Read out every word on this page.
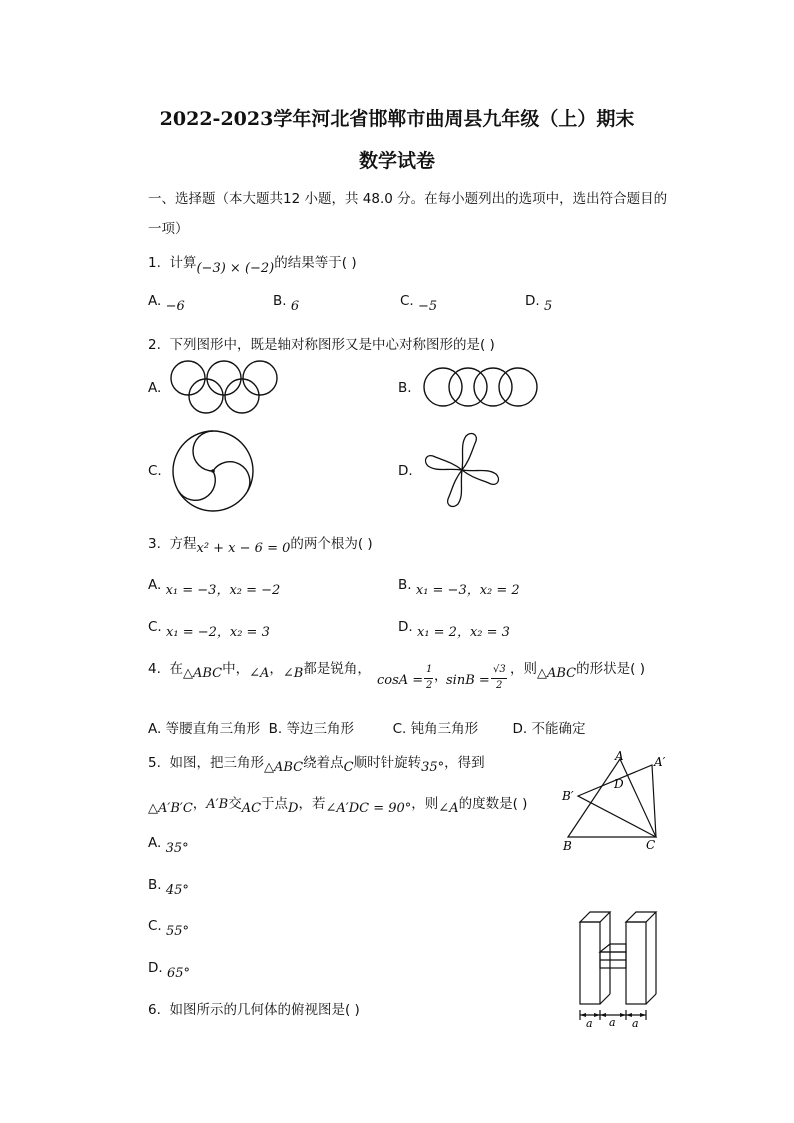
2022-2023学年河北省邯郸市曲周县九年级（上）期末
数学试卷
一、选择题（本大题共12 小题，共 48.0 分。在每小题列出的选项中，选出符合题目的
一项）
1. 计算(−3) × (−2)的结果等于( )
A. −6	B. 6	C. −5	D. 5
2. 下列图形中，既是轴对称图形又是中心对称图形的是( )
A.	B.
C.	D.
3. 方程x² + x − 6 = 0的两个根为( )
A. x₁ = −3，x₂ = −2	B. x₁ = −3，x₂ = 2
C. x₁ = −2，x₂ = 3	D. x₁ = 2，x₂ = 3
4. 在△ABC中，∠A，∠B都是锐角，
cosA =
1
2
，
sinB =
√3
2
，则△ABC的形状是( )
A. 等腰直角三角形  B. 等边三角形         C. 钝角三角形        D. 不能确定
5. 如图，把三角形△ABC绕着点C顺时针旋转35°，得到
△A′B′C，A′B交AC于点D，若∠A′DC = 90°，则∠A的度数是( )
A. 35°
B. 45°
C. 55°
D. 65°
A	A′
B′
D
B	C
6. 如图所示的几何体的俯视图是( )
a a a
